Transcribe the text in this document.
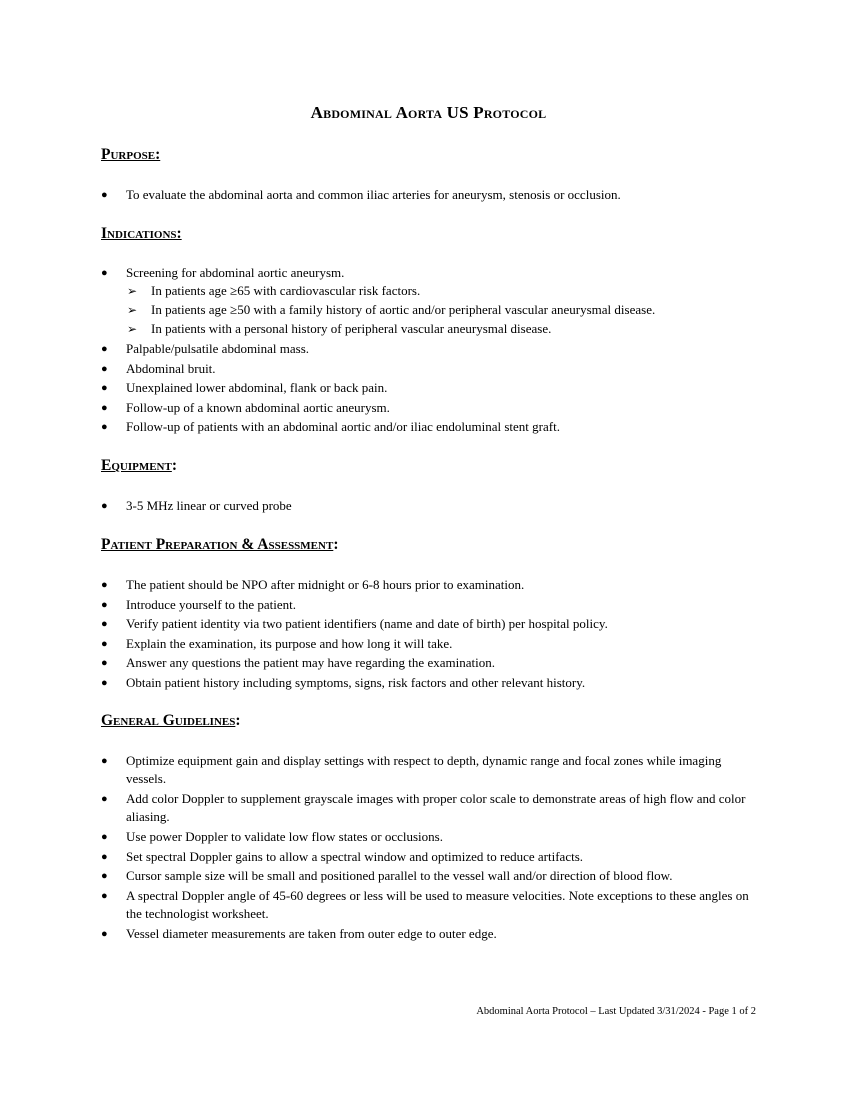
Abdominal Aorta US Protocol
Purpose:
● To evaluate the abdominal aorta and common iliac arteries for aneurysm, stenosis or occlusion.
Indications:
● Screening for abdominal aortic aneurysm.
➢ In patients age ≥65 with cardiovascular risk factors.
➢ In patients age ≥50 with a family history of aortic and/or peripheral vascular aneurysmal disease.
➢ In patients with a personal history of peripheral vascular aneurysmal disease.
● Palpable/pulsatile abdominal mass.
● Abdominal bruit.
● Unexplained lower abdominal, flank or back pain.
● Follow-up of a known abdominal aortic aneurysm.
● Follow-up of patients with an abdominal aortic and/or iliac endoluminal stent graft.
Equipment:
● 3-5 MHz linear or curved probe
Patient Preparation & Assessment:
● The patient should be NPO after midnight or 6-8 hours prior to examination.
● Introduce yourself to the patient.
● Verify patient identity via two patient identifiers (name and date of birth) per hospital policy.
● Explain the examination, its purpose and how long it will take.
● Answer any questions the patient may have regarding the examination.
● Obtain patient history including symptoms, signs, risk factors and other relevant history.
General Guidelines:
● Optimize equipment gain and display settings with respect to depth, dynamic range and focal zones while imaging vessels.
● Add color Doppler to supplement grayscale images with proper color scale to demonstrate areas of high flow and color aliasing.
● Use power Doppler to validate low flow states or occlusions.
● Set spectral Doppler gains to allow a spectral window and optimized to reduce artifacts.
● Cursor sample size will be small and positioned parallel to the vessel wall and/or direction of blood flow.
● A spectral Doppler angle of 45-60 degrees or less will be used to measure velocities. Note exceptions to these angles on the technologist worksheet.
● Vessel diameter measurements are taken from outer edge to outer edge.
Abdominal Aorta Protocol – Last Updated 3/31/2024 - Page 1 of 2
